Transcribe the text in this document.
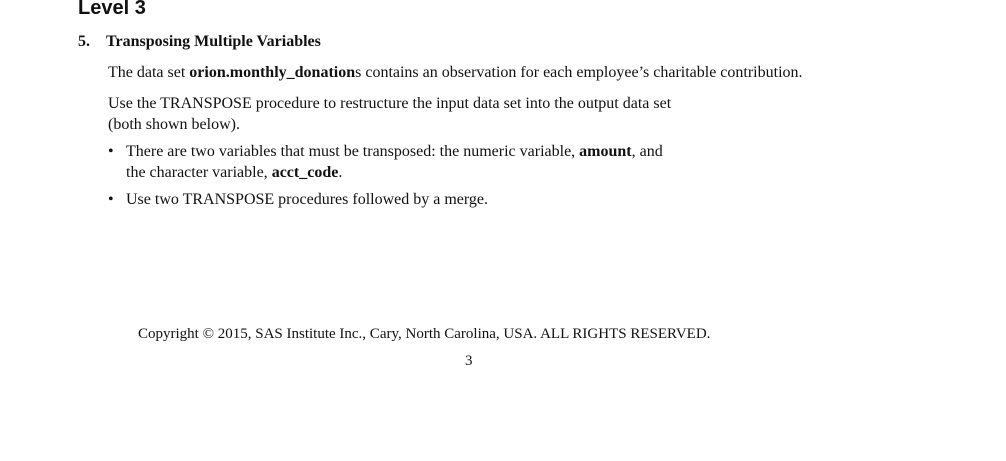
Level 3
5. Transposing Multiple Variables

The data set orion.monthly_donations contains an observation for each employee’s charitable contribution.

Use the TRANSPOSE procedure to restructure the input data set into the output data set
(both shown below).

• There are two variables that must be transposed: the numeric variable, amount, and
the character variable, acct_code.
• Use two TRANSPOSE procedures followed by a merge.

Copyright © 2015, SAS Institute Inc., Cary, North Carolina, USA. ALL RIGHTS RESERVED.

3
